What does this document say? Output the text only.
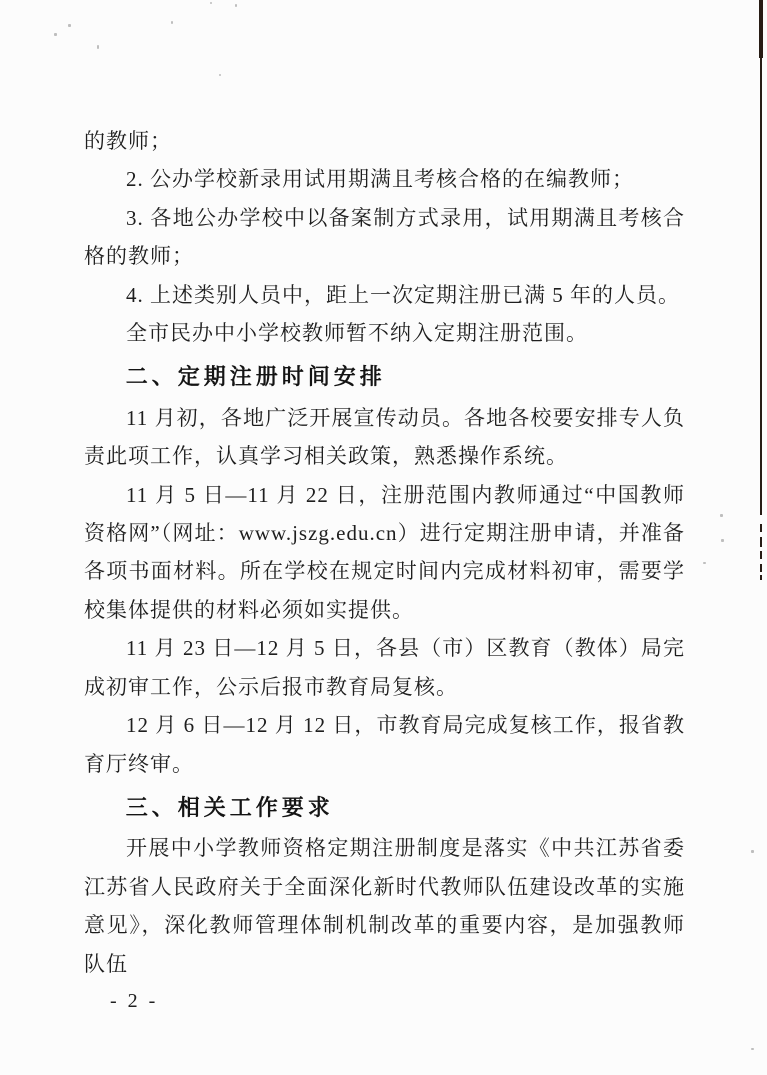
的教师；

2. 公办学校新录用试用期满且考核合格的在编教师；

3. 各地公办学校中以备案制方式录用，试用期满且考核合格的教师；

4. 上述类别人员中，距上一次定期注册已满 5 年的人员。

全市民办中小学校教师暂不纳入定期注册范围。

二、定期注册时间安排

11 月初，各地广泛开展宣传动员。各地各校要安排专人负责此项工作，认真学习相关政策，熟悉操作系统。

11 月 5 日—11 月 22 日，注册范围内教师通过“中国教师资格网”（网址：www.jszg.edu.cn）进行定期注册申请，并准备各项书面材料。所在学校在规定时间内完成材料初审，需要学校集体提供的材料必须如实提供。

11 月 23 日—12 月 5 日，各县（市）区教育（教体）局完成初审工作，公示后报市教育局复核。

12 月 6 日—12 月 12 日，市教育局完成复核工作，报省教育厅终审。

三、相关工作要求

开展中小学教师资格定期注册制度是落实《中共江苏省委江苏省人民政府关于全面深化新时代教师队伍建设改革的实施意见》，深化教师管理体制机制改革的重要内容，是加强教师队伍

- 2 -
